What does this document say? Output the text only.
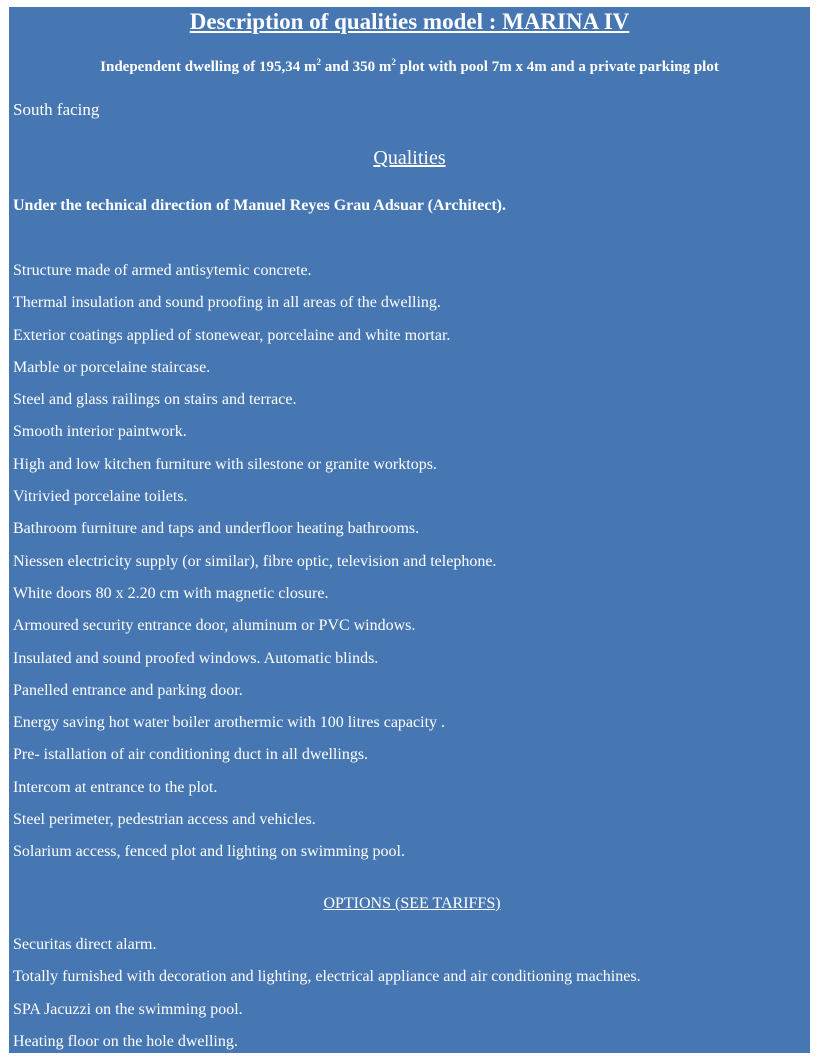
Description of qualities model : MARINA IV
Independent dwelling of 195,34 $m^2$ and 350 $m^2$ plot with pool 7m x 4m and a private parking plot
South facing
Qualities
Under the technical direction of Manuel Reyes Grau Adsuar (Architect).
Structure made of armed antisytemic concrete.
Thermal insulation and sound proofing in all areas of the dwelling.
Exterior coatings applied of stonewear, porcelaine and white mortar.
Marble or porcelaine staircase.
Steel and glass railings on stairs and terrace.
Smooth interior paintwork.
High and low kitchen furniture with silestone or granite worktops.
Vitrivied porcelaine toilets.
Bathroom furniture and taps and underfloor heating bathrooms.
Niessen electricity supply (or similar), fibre optic, television and telephone.
White doors 80 x 2.20 cm with magnetic closure.
Armoured security entrance door, aluminum or PVC windows.
Insulated and sound proofed windows. Automatic blinds.
Panelled entrance and parking door.
Energy saving hot water boiler arothermic with 100 litres capacity .
Pre- istallation of air conditioning duct in all dwellings.
Intercom at entrance to the plot.
Steel perimeter, pedestrian access and vehicles.
Solarium access, fenced plot and lighting on swimming pool.
OPTIONS (SEE TARIFFS)
Securitas direct alarm.
Totally furnished with decoration and lighting, electrical appliance and air conditioning machines.
SPA Jacuzzi on the swimming pool.
Heating floor on the hole dwelling.
